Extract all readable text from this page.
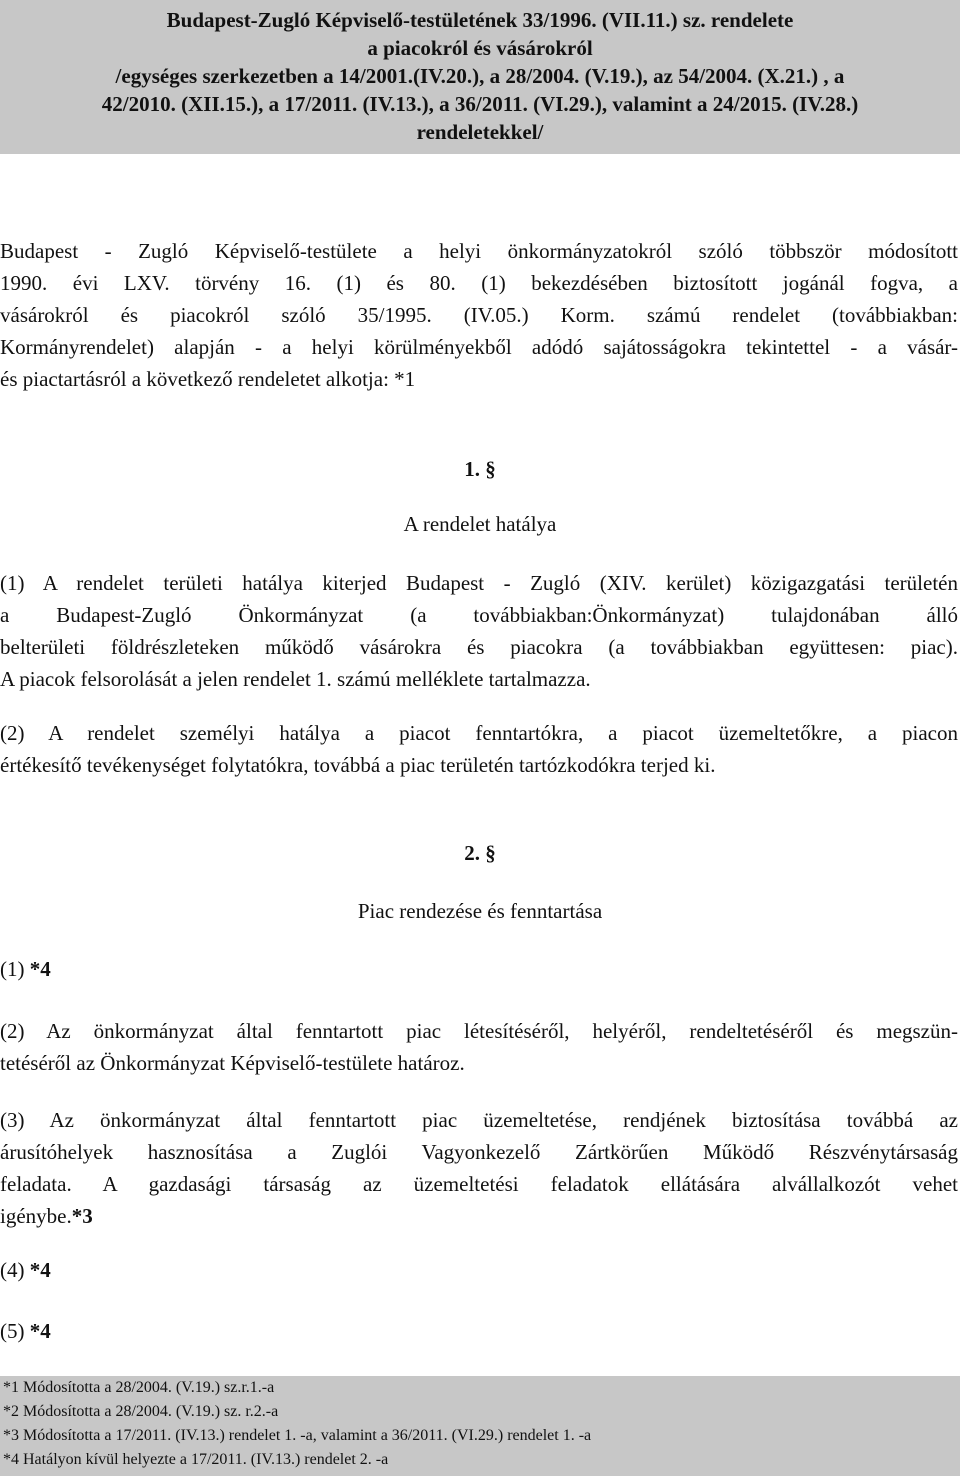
Budapest-Zugló Képviselő-testületének 33/1996. (VII.11.) sz. rendelete
a piacokról és vásárokról
/egységes szerkezetben a 14/2001.(IV.20.), a 28/2004. (V.19.), az 54/2004. (X.21.) , a
42/2010. (XII.15.), a 17/2011. (IV.13.), a 36/2011. (VI.29.), valamint a 24/2015. (IV.28.)
rendeletekkel/
Budapest - Zugló Képviselő-testülete a helyi önkormányzatokról szóló többször módosított
1990. évi LXV. törvény 16. (1) és 80. (1) bekezdésében biztosított jogánál fogva, a
vásárokról és piacokról szóló 35/1995. (IV.05.) Korm. számú rendelet (továbbiakban:
Kormányrendelet) alapján - a helyi körülményekből adódó sajátosságokra tekintettel - a vásár-
és piactartásról a következő rendeletet alkotja: *1
1. §
A rendelet hatálya
(1) A rendelet területi hatálya kiterjed Budapest - Zugló (XIV. kerület) közigazgatási területén
a Budapest-Zugló Önkormányzat (a továbbiakban:Önkormányzat) tulajdonában álló
belterületi földrészleteken működő vásárokra és piacokra (a továbbiakban együttesen: piac).
A piacok felsorolását a jelen rendelet 1. számú melléklete tartalmazza.
(2) A rendelet személyi hatálya a piacot fenntartókra, a piacot üzemeltetőkre, a piacon
értékesítő tevékenységet folytatókra, továbbá a piac területén tartózkodókra terjed ki.
2. §
Piac rendezése és fenntartása
(1) *4
(2) Az önkormányzat által fenntartott piac létesítéséről, helyéről, rendeltetéséről és megszün-
tetéséről az Önkormányzat Képviselő-testülete határoz.
(3) Az önkormányzat által fenntartott piac üzemeltetése, rendjének biztosítása továbbá az
árusítóhelyek hasznosítása a Zuglói Vagyonkezelő Zártkörűen Működő Részvénytársaság
feladata. A gazdasági társaság az üzemeltetési feladatok ellátására alvállalkozót vehet
igénybe.*3
(4) *4
(5) *4
*1 Módosította a 28/2004. (V.19.) sz.r.1.-a
*2 Módosította a 28/2004. (V.19.) sz. r.2.-a
*3 Módosította a 17/2011. (IV.13.) rendelet 1. -a, valamint a 36/2011. (VI.29.) rendelet 1. -a
*4 Hatályon kívül helyezte a 17/2011. (IV.13.) rendelet 2. -a
